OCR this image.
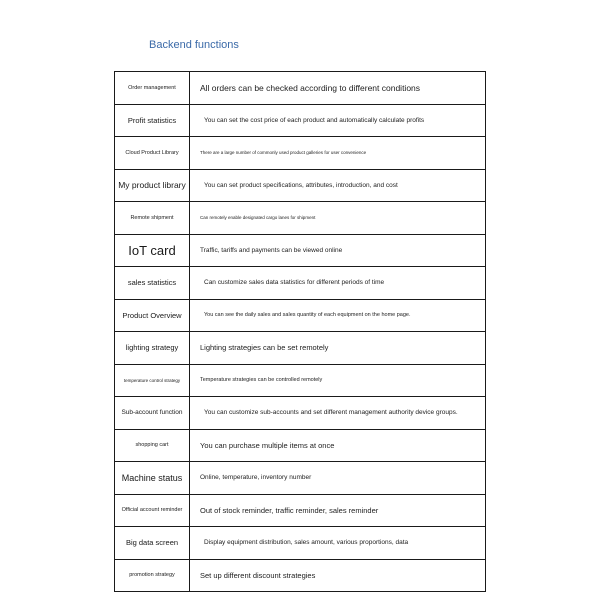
Backend functions
Order management	All orders can be checked according to different conditions
Profit statistics	You can set the cost price of each product and automatically calculate profits
Cloud Product Library	There are a large number of commonly used product galleries for user convenience
My product library	You can set product specifications, attributes, introduction, and cost
Remote shipment	Can remotely enable designated cargo lanes for shipment
IoT card	Traffic, tariffs and payments can be viewed online
sales statistics	Can customize sales data statistics for different periods of time
Product Overview	You can see the daily sales and sales quantity of each equipment on the home page.
lighting strategy	Lighting strategies can be set remotely
temperature control strategy	Temperature strategies can be controlled remotely
Sub-account function	You can customize sub-accounts and set different management authority device groups.
shopping cart	You can purchase multiple items at once
Machine status	Online, temperature, inventory number
Official account reminder	Out of stock reminder, traffic reminder, sales reminder
Big data screen	Display equipment distribution, sales amount, various proportions, data
promotion strategy	Set up different discount strategies
